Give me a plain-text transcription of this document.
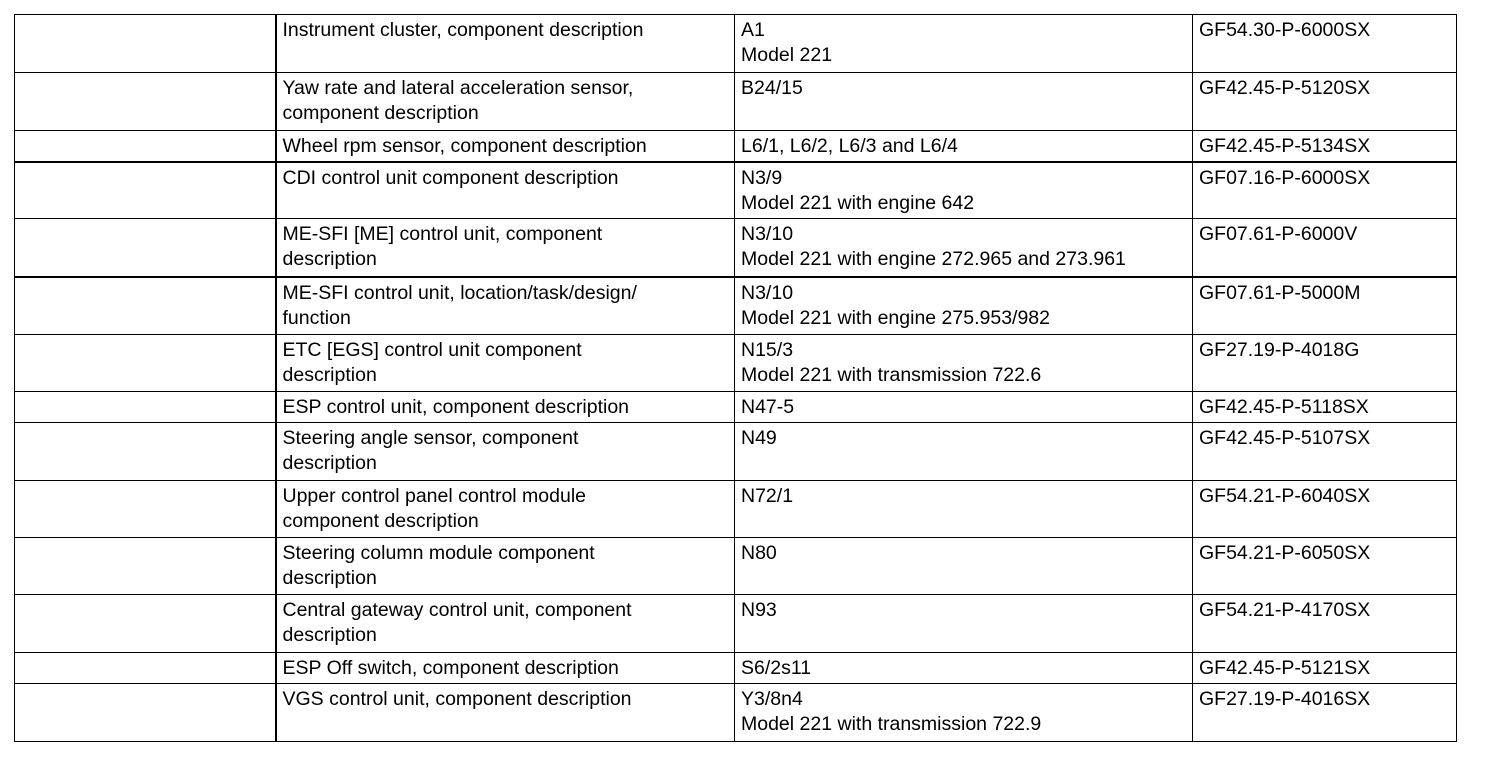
	Instrument cluster, component description	A1
Model 221	GF54.30-P-6000SX

	Yaw rate and lateral acceleration sensor,
component description	B24/15	GF42.45-P-5120SX

	Wheel rpm sensor, component description	L6/1, L6/2, L6/3 and L6/4	GF42.45-P-5134SX

	CDI control unit component description	N3/9
Model 221 with engine 642	GF07.16-P-6000SX

	ME-SFI [ME] control unit, component
description	N3/10
Model 221 with engine 272.965 and 273.961	GF07.61-P-6000V

	ME-SFI control unit, location/task/design/
function	N3/10
Model 221 with engine 275.953/982	GF07.61-P-5000M

	ETC [EGS] control unit component
description	N15/3
Model 221 with transmission 722.6	GF27.19-P-4018G

	ESP control unit, component description	N47-5	GF42.45-P-5118SX

	Steering angle sensor, component
description	N49	GF42.45-P-5107SX

	Upper control panel control module
component description	N72/1	GF54.21-P-6040SX

	Steering column module component
description	N80	GF54.21-P-6050SX

	Central gateway control unit, component
description	N93	GF54.21-P-4170SX

	ESP Off switch, component description	S6/2s11	GF42.45-P-5121SX

	VGS control unit, component description	Y3/8n4
Model 221 with transmission 722.9	GF27.19-P-4016SX
